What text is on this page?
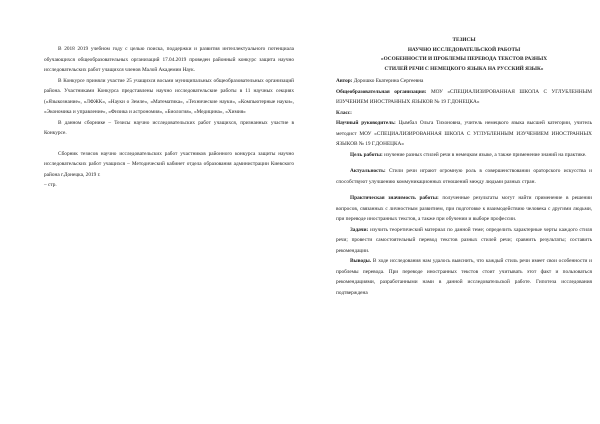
В 2018 2019 учебном году с целью поиска, поддержки и развития интеллектуального потенциала обучающихся общеобразовательных организаций 17.04.2019 проведен районный конкурс защита научно исследовательских работ учащихся членов Малой Академии Наук.

В Конкурсе приняли участие 25 учащихся восьми муниципальных общеобразовательных организаций района. Участниками Конкурса представлены научно исследовательские работы в 11 научных секциях («Языкознание», «ЛФЖК», «Науки о Земле», «Математика», «Технические науки», «Компьютерные науки», «Экономика и управление», «Физика и астрономия», «Биология», «Медицина», «Химия»

В данном сборнике – Тезисы научно исследовательских работ учащихся, признанных участие в Конкурсе.

Сборник тезисов научно исследовательских работ участников районного конкурса защиты научно исследовательских работ учащихся – Методический кабинет отдела образования администрации Киевского района г.Донецка, 2019 г.

– стр.

ТЕЗИСЫ
НАУЧНО ИССЛЕДОВАТЕЛЬСКОЙ РАБОТЫ
«ОСОБЕННОСТИ И ПРОБЛЕМЫ ПЕРЕВОДА ТЕКСТОВ РАЗНЫХ
СТИЛЕЙ РЕЧИ С НЕМЕЦКОГО ЯЗЫКА НА РУССКИЙ ЯЗЫК»

Автор: Дорошко Екатерина Сергеевна

Общеобразовательная организация: МОУ «СПЕЦИАЛИЗИРОВАННАЯ ШКОЛА С УГЛУБЛЕННЫМ ИЗУЧЕНИЕМ ИНОСТРАННЫХ ЯЗЫКОВ № 19 Г.ДОНЕЦКА»

Класс:

Научный руководитель: Цымбал Ольга Тихоновна, учитель немецкого языка высшей категории, учитель методист МОУ «СПЕЦИАЛИЗИРОВАННАЯ ШКОЛА С УГЛУБЛЕННЫМ ИЗУЧЕНИЕМ ИНОСТРАННЫХ ЯЗЫКОВ № 19 Г.ДОНЕЦКА»

Цель работы: изучение разных стилей речи в немецком языке, а также применение знаний на практике.

Актуальность: Стили речи играют огромную роль в совершенствовании ораторского искусства и способствуют улучшению коммуникационных отношений между людьми разных стран.

Практическая значимость работы: полученные результаты могут найти применение в решении вопросов, связанных с личностным развитием, при подготовке к взаимодействию человека с другими людьми, при переводе иностранных текстов, а также при обучении и выборе профессии.

Задачи: изучить теоретический материал по данной теме; определить характерные черты каждого стиля речи; провести самостоятельный перевод текстов разных стилей речи; сравнить результаты; составить рекомендации.

Выводы. В ходе исследования нам удалось выяснить, что каждый стиль речи имеет свои особенности и проблемы перевода. При переводе иностранных текстов стоит учитывать этот факт и пользоваться рекомендациями, разработанными нами в данной исследовательской работе. Гипотеза исследования подтверждена
